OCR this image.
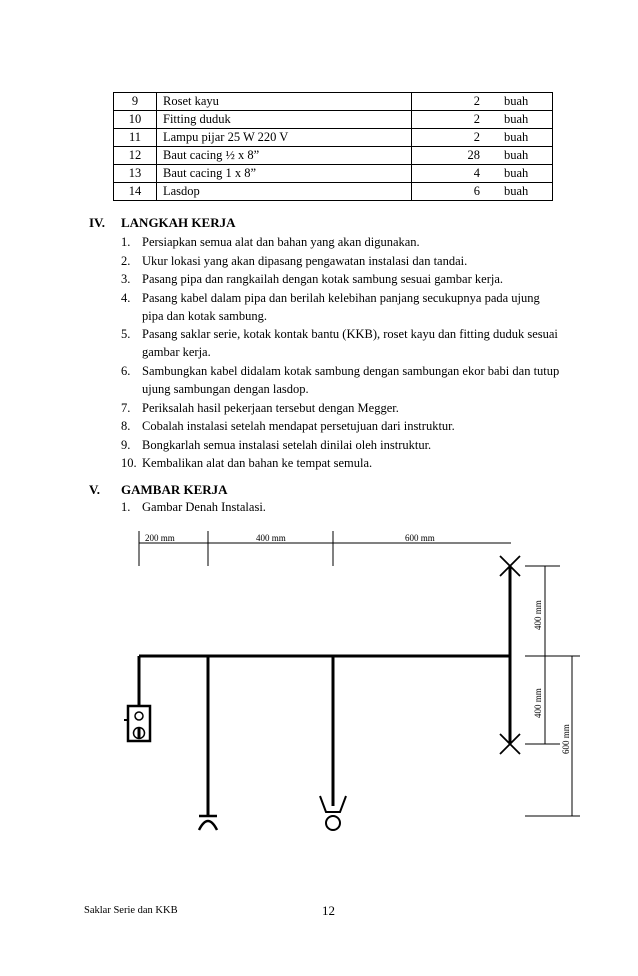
9	Roset kayu	2	buah
10	Fitting duduk	2	buah
11	Lampu pijar 25 W 220 V	2	buah
12	Baut cacing ½ x 8”	28	buah
13	Baut cacing 1 x 8”	4	buah
14	Lasdop	6	buah
IV. LANGKAH KERJA
1. Persiapkan semua alat dan bahan yang akan digunakan.
2. Ukur lokasi yang akan dipasang pengawatan instalasi dan tandai.
3. Pasang pipa dan rangkailah dengan kotak sambung sesuai gambar kerja.
4. Pasang kabel dalam pipa dan berilah kelebihan panjang secukupnya pada ujung pipa dan kotak sambung.
5. Pasang saklar serie, kotak kontak bantu (KKB), roset kayu dan fitting duduk sesuai gambar kerja.
6. Sambungkan kabel didalam kotak sambung dengan sambungan ekor babi dan tutup ujung sambungan dengan lasdop.
7. Periksalah hasil pekerjaan tersebut dengan Megger.
8. Cobalah instalasi setelah mendapat persetujuan dari instruktur.
9. Bongkarlah semua instalasi setelah dinilai oleh instruktur.
10. Kembalikan alat dan bahan ke tempat semula.
V. GAMBAR KERJA
1. Gambar Denah Instalasi.
200 mm	400 mm	600 mm
400 mm
400 mm
600 mm
Saklar Serie dan KKB	12
